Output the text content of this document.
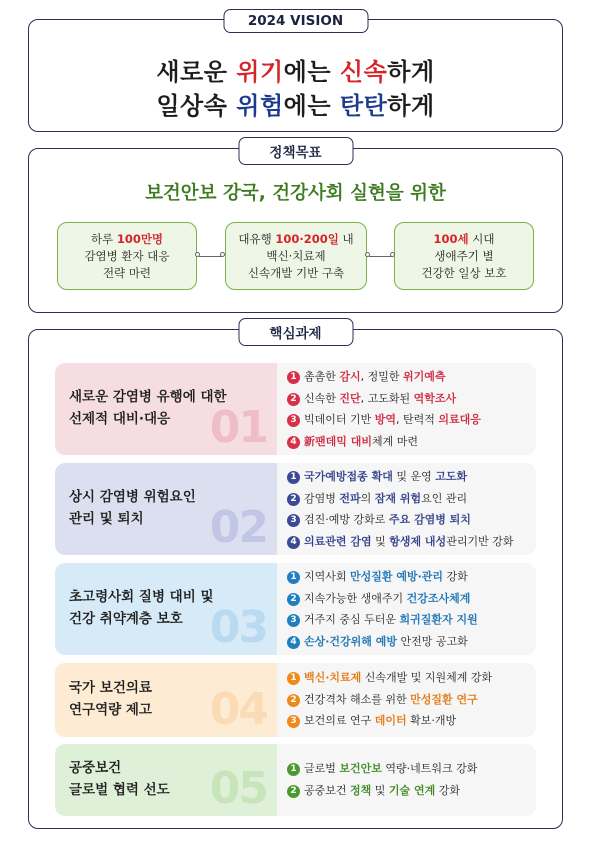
2024 VISION
새로운 위기에는 신속하게
일상속 위험에는 탄탄하게
정책목표
보건안보 강국, 건강사회 실현을 위한
하루 100만명
감염병 환자 대응
전략 마련
대유행 100·200일 내
백신·치료제
신속개발 기반 구축
100세 시대
생애주기 별
건강한 일상 보호
핵심과제
새로운 감염병 유행에 대한
선제적 대비·대응 01
1 촘촘한 감시, 정밀한 위기예측
2 신속한 진단, 고도화된 역학조사
3 빅데이터 기반 방역, 탄력적 의료대응
4 新팬데믹 대비체계 마련
상시 감염병 위험요인
관리 및 퇴치	02
1 국가예방접종 확대 및 운영 고도화
2 감염병 전파의 잠재 위험요인 관리
3 검진·예방 강화로 주요 감염병 퇴치
4 의료관련 감염 및 항생제 내성관리기반 강화
초고령사회 질병 대비 및
건강 취약계층 보호 03
1 지역사회 만성질환 예방·관리 강화
2 지속가능한 생애주기 건강조사체계
3 거주지 중심 두터운 희귀질환자 지원
4 손상·건강위해 예방 안전망 공고화
국가 보건의료
연구역량 제고 04
1 백신·치료제 신속개발 및 지원체계 강화
2 건강격차 해소를 위한 만성질환 연구
3 보건의료 연구 데이터 확보·개방
공중보건
글로벌 협력 선도 05	1 글로벌 보건안보 역량·네트워크 강화
2 공중보건 정책 및 기술 연계 강화
